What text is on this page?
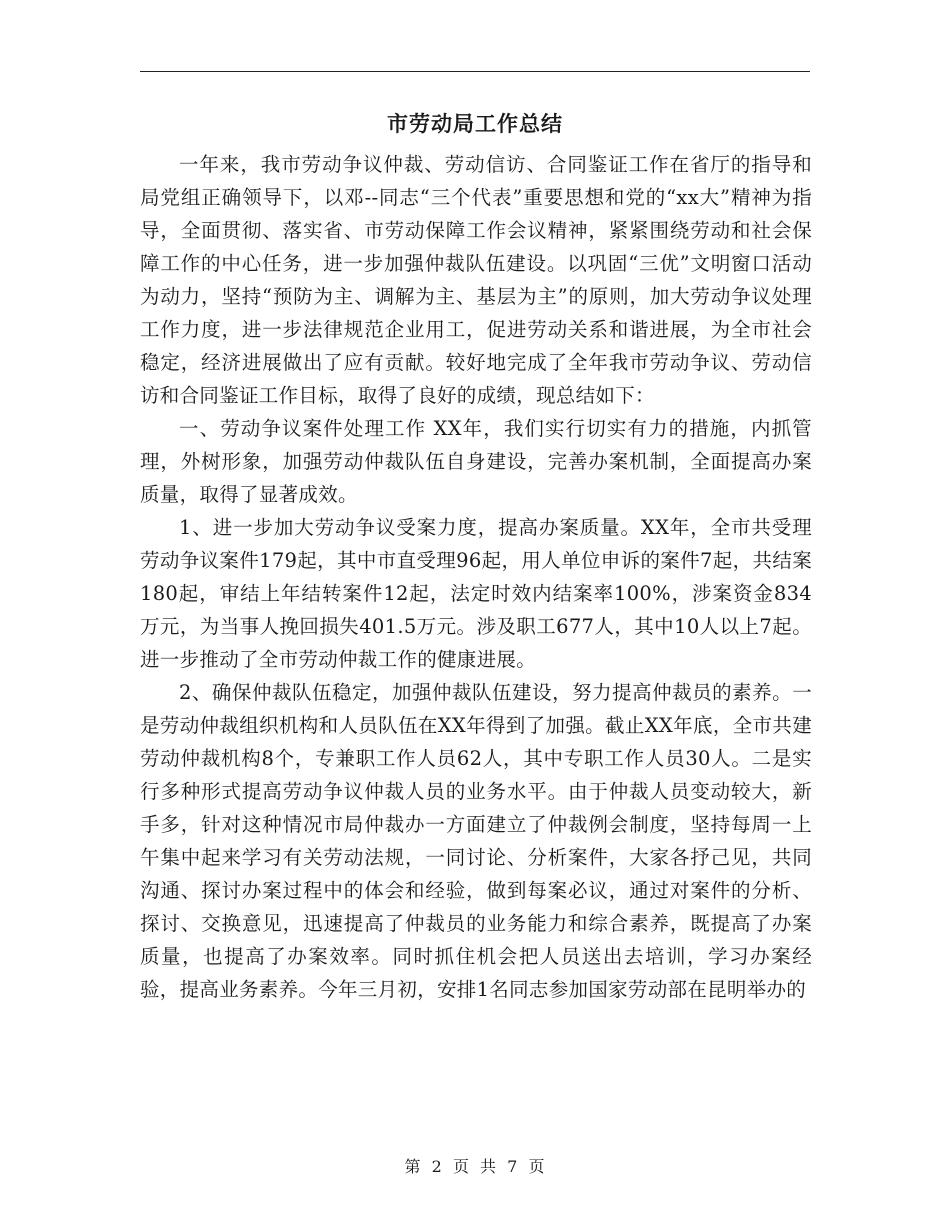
市劳动局工作总结

一年来，我市劳动争议仲裁、劳动信访、合同鉴证工作在省厅的指导和局党组正确领导下，以邓--同志“三个代表”重要思想和党的“xx大”精神为指导，全面贯彻、落实省、市劳动保障工作会议精神，紧紧围绕劳动和社会保障工作的中心任务，进一步加强仲裁队伍建设。以巩固“三优”文明窗口活动为动力，坚持“预防为主、调解为主、基层为主”的原则，加大劳动争议处理工作力度，进一步法律规范企业用工，促进劳动关系和谐进展，为全市社会稳定，经济进展做出了应有贡献。较好地完成了全年我市劳动争议、劳动信访和合同鉴证工作目标，取得了良好的成绩，现总结如下：

一、劳动争议案件处理工作 XX年，我们实行切实有力的措施，内抓管理，外树形象，加强劳动仲裁队伍自身建设，完善办案机制，全面提高办案质量，取得了显著成效。

1、进一步加大劳动争议受案力度，提高办案质量。XX年，全市共受理劳动争议案件179起，其中市直受理96起，用人单位申诉的案件7起，共结案180起，审结上年结转案件12起，法定时效内结案率100%，涉案资金834万元，为当事人挽回损失401.5万元。涉及职工677人，其中10人以上7起。进一步推动了全市劳动仲裁工作的健康进展。

2、确保仲裁队伍稳定，加强仲裁队伍建设，努力提高仲裁员的素养。一是劳动仲裁组织机构和人员队伍在XX年得到了加强。截止XX年底，全市共建劳动仲裁机构8个，专兼职工作人员62人，其中专职工作人员30人。二是实行多种形式提高劳动争议仲裁人员的业务水平。由于仲裁人员变动较大，新手多，针对这种情况市局仲裁办一方面建立了仲裁例会制度，坚持每周一上午集中起来学习有关劳动法规，一同讨论、分析案件，大家各抒己见，共同沟通、探讨办案过程中的体会和经验，做到每案必议，通过对案件的分析、探讨、交换意见，迅速提高了仲裁员的业务能力和综合素养，既提高了办案质量，也提高了办案效率。同时抓住机会把人员送出去培训，学习办案经验，提高业务素养。今年三月初，安排1名同志参加国家劳动部在昆明举办的

第 2 页 共 7 页
